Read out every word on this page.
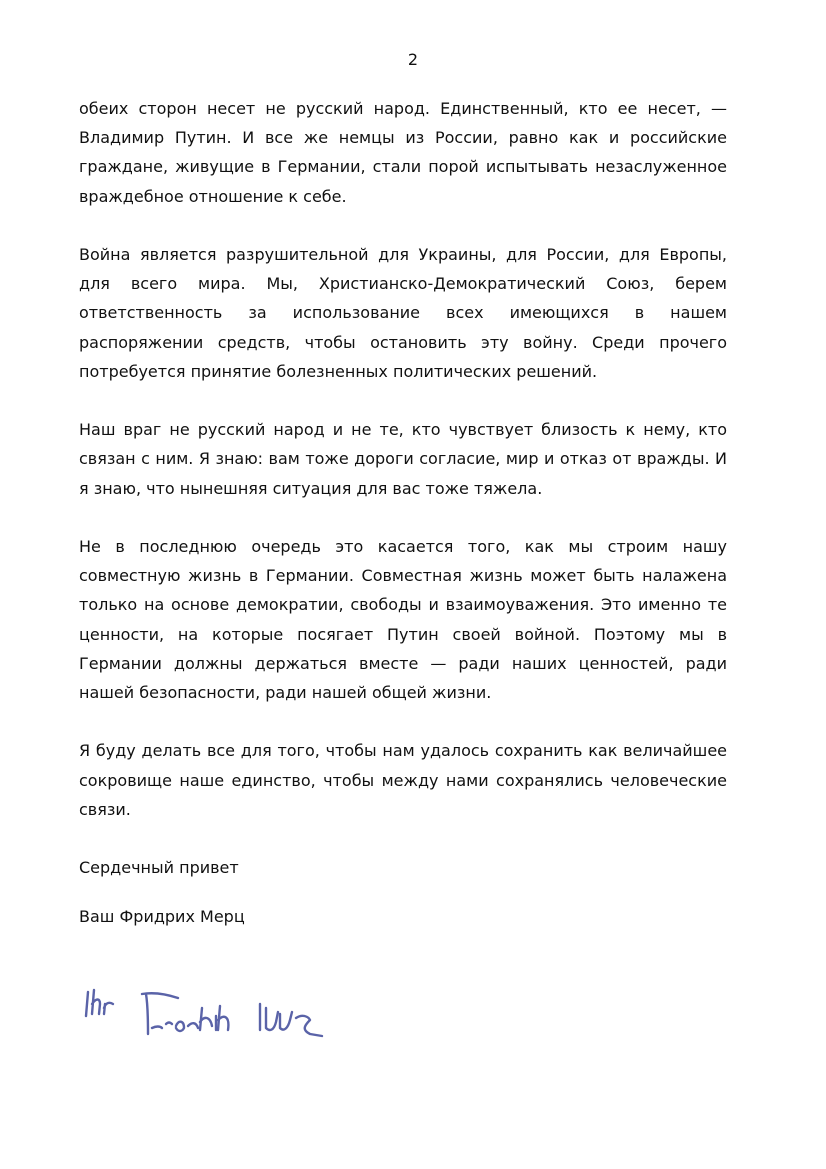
2

обеих сторон несет не русский народ. Единственный, кто ее несет, — Владимир Путин. И все же немцы из России, равно как и российские граждане, живущие в Германии, стали порой испытывать незаслуженное враждебное отношение к себе.

Война является разрушительной для Украины, для России, для Европы, для всего мира. Мы, Христианско-Демократический Союз, берем ответственность за использование всех имеющихся в нашем распоряжении средств, чтобы остановить эту войну. Среди прочего потребуется принятие болезненных политических решений.

Наш враг не русский народ и не те, кто чувствует близость к нему, кто связан с ним. Я знаю: вам тоже дороги согласие, мир и отказ от вражды. И я знаю, что нынешняя ситуация для вас тоже тяжела.

Не в последнюю очередь это касается того, как мы строим нашу совместную жизнь в Германии. Совместная жизнь может быть налажена только на основе демократии, свободы и взаимоуважения. Это именно те ценности, на которые посягает Путин своей войной. Поэтому мы в Германии должны держаться вместе — ради наших ценностей, ради нашей безопасности, ради нашей общей жизни.

Я буду делать все для того, чтобы нам удалось сохранить как величайшее сокровище наше единство, чтобы между нами сохранялись человеческие связи.

Сердечный привет

Ваш Фридрих Мерц
